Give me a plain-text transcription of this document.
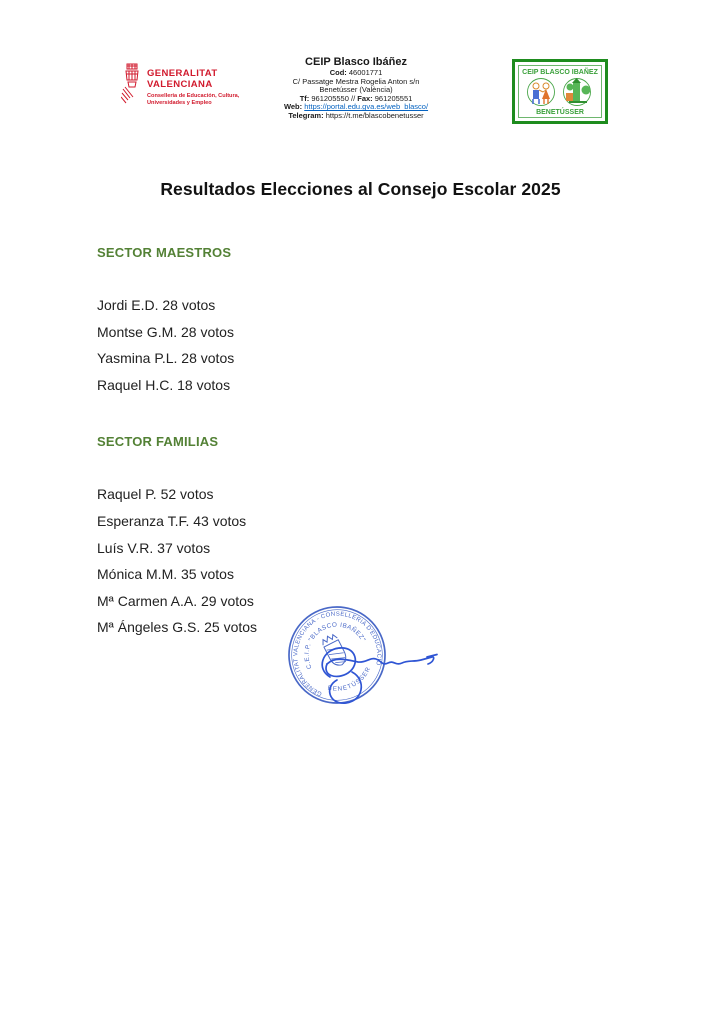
GENERALITAT
VALENCIANA
Conselleria de Educación, Cultura,
Universidades y Empleo
CEIP Blasco Ibáñez
Cod: 46001771
C/ Passatge Mestra Rogelia Anton s/n
Benetússer (València)
Tf: 961205550 // Fax: 961205551
Web: https://portal.edu.gva.es/web_blasco/
Telegram: https://t.me/blascobenetusser
CEIP BLASCO IBAÑEZ
BENETÚSSER
Resultados Elecciones al Consejo Escolar 2025
SECTOR MAESTROS

Jordi E.D. 28 votos

Montse G.M. 28 votos

Yasmina P.L. 28 votos

Raquel H.C. 18 votos

SECTOR FAMILIAS

Raquel P. 52 votos

Esperanza T.F. 43 votos

Luís V.R. 37 votos

Mónica M.M. 35 votos

Mª Carmen A.A. 29 votos

Mª Ángeles G.S. 25 votos

GENERALITAT VALENCIANA - CONSELLERIA D'EDUCACIÓ
C.E.I.P. "BLASCO IBAÑEZ"
BENETÚSSER
